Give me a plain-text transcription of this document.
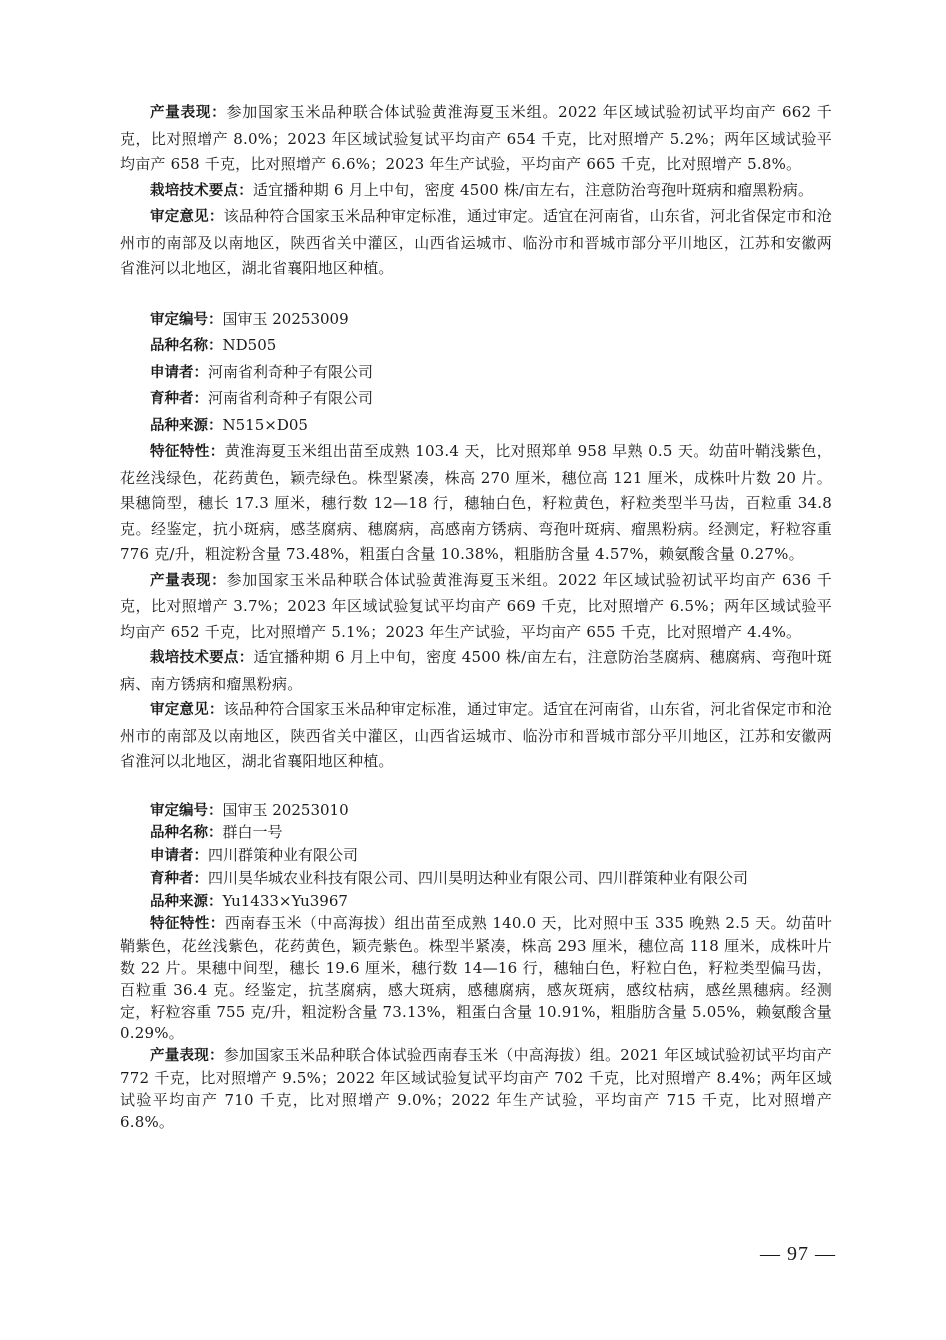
产量表现：参加国家玉米品种联合体试验黄淮海夏玉米组。2022 年区域试验初试平均亩产 662 千克，比对照增产 8.0%；2023 年区域试验复试平均亩产 654 千克，比对照增产 5.2%；两年区域试验平均亩产 658 千克，比对照增产 6.6%；2023 年生产试验，平均亩产 665 千克，比对照增产 5.8%。

栽培技术要点：适宜播种期 6 月上中旬，密度 4500 株/亩左右，注意防治弯孢叶斑病和瘤黑粉病。

审定意见：该品种符合国家玉米品种审定标准，通过审定。适宜在河南省，山东省，河北省保定市和沧州市的南部及以南地区，陕西省关中灌区，山西省运城市、临汾市和晋城市部分平川地区，江苏和安徽两省淮河以北地区，湖北省襄阳地区种植。

审定编号：国审玉 20253009

品种名称：ND505

申请者：河南省利奇种子有限公司

育种者：河南省利奇种子有限公司

品种来源：N515×D05

特征特性：黄淮海夏玉米组出苗至成熟 103.4 天，比对照郑单 958 早熟 0.5 天。幼苗叶鞘浅紫色，花丝浅绿色，花药黄色，颖壳绿色。株型紧凑，株高 270 厘米，穗位高 121 厘米，成株叶片数 20 片。果穗筒型，穗长 17.3 厘米，穗行数 12—18 行，穗轴白色，籽粒黄色，籽粒类型半马齿，百粒重 34.8 克。经鉴定，抗小斑病，感茎腐病、穗腐病，高感南方锈病、弯孢叶斑病、瘤黑粉病。经测定，籽粒容重 776 克/升，粗淀粉含量 73.48%，粗蛋白含量 10.38%，粗脂肪含量 4.57%，赖氨酸含量 0.27%。

产量表现：参加国家玉米品种联合体试验黄淮海夏玉米组。2022 年区域试验初试平均亩产 636 千克，比对照增产 3.7%；2023 年区域试验复试平均亩产 669 千克，比对照增产 6.5%；两年区域试验平均亩产 652 千克，比对照增产 5.1%；2023 年生产试验，平均亩产 655 千克，比对照增产 4.4%。

栽培技术要点：适宜播种期 6 月上中旬，密度 4500 株/亩左右，注意防治茎腐病、穗腐病、弯孢叶斑病、南方锈病和瘤黑粉病。

审定意见：该品种符合国家玉米品种审定标准，通过审定。适宜在河南省，山东省，河北省保定市和沧州市的南部及以南地区，陕西省关中灌区，山西省运城市、临汾市和晋城市部分平川地区，江苏和安徽两省淮河以北地区，湖北省襄阳地区种植。

审定编号：国审玉 20253010

品种名称：群白一号

申请者：四川群策种业有限公司

育种者：四川昊华城农业科技有限公司、四川昊明达种业有限公司、四川群策种业有限公司

品种来源：Yu1433×Yu3967

特征特性：西南春玉米（中高海拔）组出苗至成熟 140.0 天，比对照中玉 335 晚熟 2.5 天。幼苗叶鞘紫色，花丝浅紫色，花药黄色，颖壳紫色。株型半紧凑，株高 293 厘米，穗位高 118 厘米，成株叶片数 22 片。果穗中间型，穗长 19.6 厘米，穗行数 14—16 行，穗轴白色，籽粒白色，籽粒类型偏马齿，百粒重 36.4 克。经鉴定，抗茎腐病，感大斑病，感穗腐病，感灰斑病，感纹枯病，感丝黑穗病。经测定，籽粒容重 755 克/升，粗淀粉含量 73.13%，粗蛋白含量 10.91%，粗脂肪含量 5.05%，赖氨酸含量 0.29%。

产量表现：参加国家玉米品种联合体试验西南春玉米（中高海拔）组。2021 年区域试验初试平均亩产 772 千克，比对照增产 9.5%；2022 年区域试验复试平均亩产 702 千克，比对照增产 8.4%；两年区域试验平均亩产 710 千克，比对照增产 9.0%；2022 年生产试验，平均亩产 715 千克，比对照增产 6.8%。

— 97 —
